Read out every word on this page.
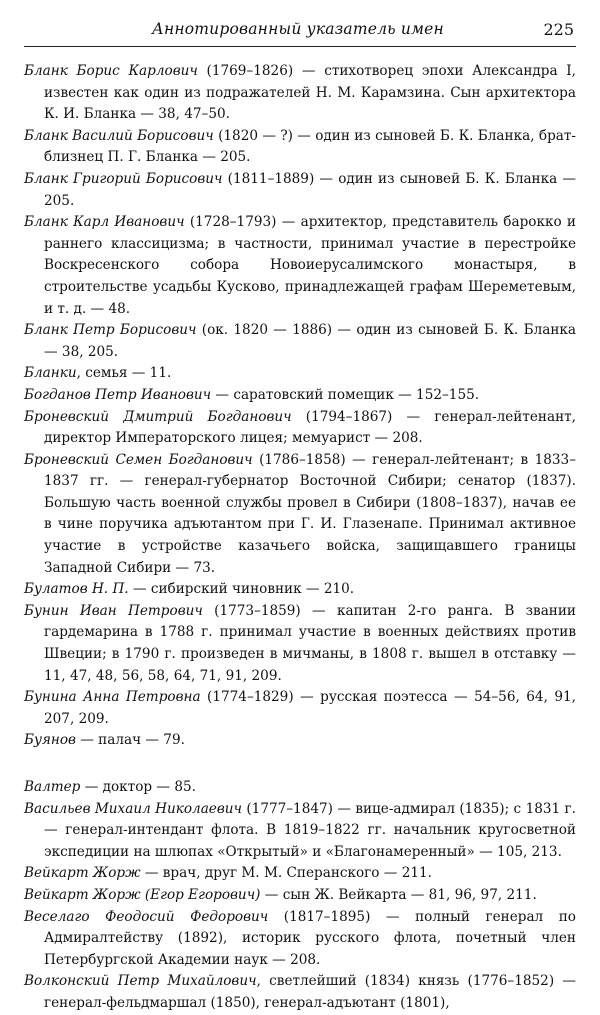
Аннотированный указатель имен	225

Бланк Борис Карлович (1769–1826) — стихотворец эпохи Александра I, известен как один из подражателей Н. М. Карамзина. Сын архитектора К. И. Бланка — 38, 47–50.

Бланк Василий Борисович (1820 — ?) — один из сыновей Б. К. Бланка, брат-близнец П. Г. Бланка — 205.

Бланк Григорий Борисович (1811–1889) — один из сыновей Б. К. Бланка — 205.

Бланк Карл Иванович (1728–1793) — архитектор, представитель барокко и раннего классицизма; в частности, принимал участие в перестройке Воскресенского собора Новоиерусалимского монастыря, в строительстве усадьбы Кусково, принадлежащей графам Шереметевым, и т. д. — 48.

Бланк Петр Борисович (ок. 1820 — 1886) — один из сыновей Б. К. Бланка — 38, 205.

Бланки, семья — 11.

Богданов Петр Иванович — саратовский помещик — 152–155.

Броневский Дмитрий Богданович (1794–1867) — генерал-лейтенант, директор Императорского лицея; мемуарист — 208.

Броневский Семен Богданович (1786–1858) — генерал-лейтенант; в 1833–1837 гг. — генерал-губернатор Восточной Сибири; сенатор (1837). Большую часть военной службы провел в Сибири (1808–1837), начав ее в чине поручика адъютантом при Г. И. Глазенапе. Принимал активное участие в устройстве казачьего войска, защищавшего границы Западной Сибири — 73.

Булатов Н. П. — сибирский чиновник — 210.

Бунин Иван Петрович (1773–1859) — капитан 2-го ранга. В звании гардемарина в 1788 г. принимал участие в военных действиях против Швеции; в 1790 г. произведен в мичманы, в 1808 г. вышел в отставку — 11, 47, 48, 56, 58, 64, 71, 91, 209.

Бунина Анна Петровна (1774–1829) — русская поэтесса — 54–56, 64, 91, 207, 209.

Буянов — палач — 79.

Валтер — доктор — 85.

Васильев Михаил Николаевич (1777–1847) — вице-адмирал (1835); с 1831 г. — генерал-интендант флота. В 1819–1822 гг. начальник кругосветной экспедиции на шлюпах «Открытый» и «Благонамеренный» — 105, 213.

Вейкарт Жорж — врач, друг М. М. Сперанского — 211.

Вейкарт Жорж (Егор Егорович) — сын Ж. Вейкарта — 81, 96, 97, 211.

Веселаго Феодосий Федорович (1817–1895) — полный генерал по Адмиралтейству (1892), историк русского флота, почетный член Петербургской Академии наук — 208.

Волконский Петр Михайлович, светлейший (1834) князь (1776–1852) — генерал-фельдмаршал (1850), генерал-адъютант (1801),
